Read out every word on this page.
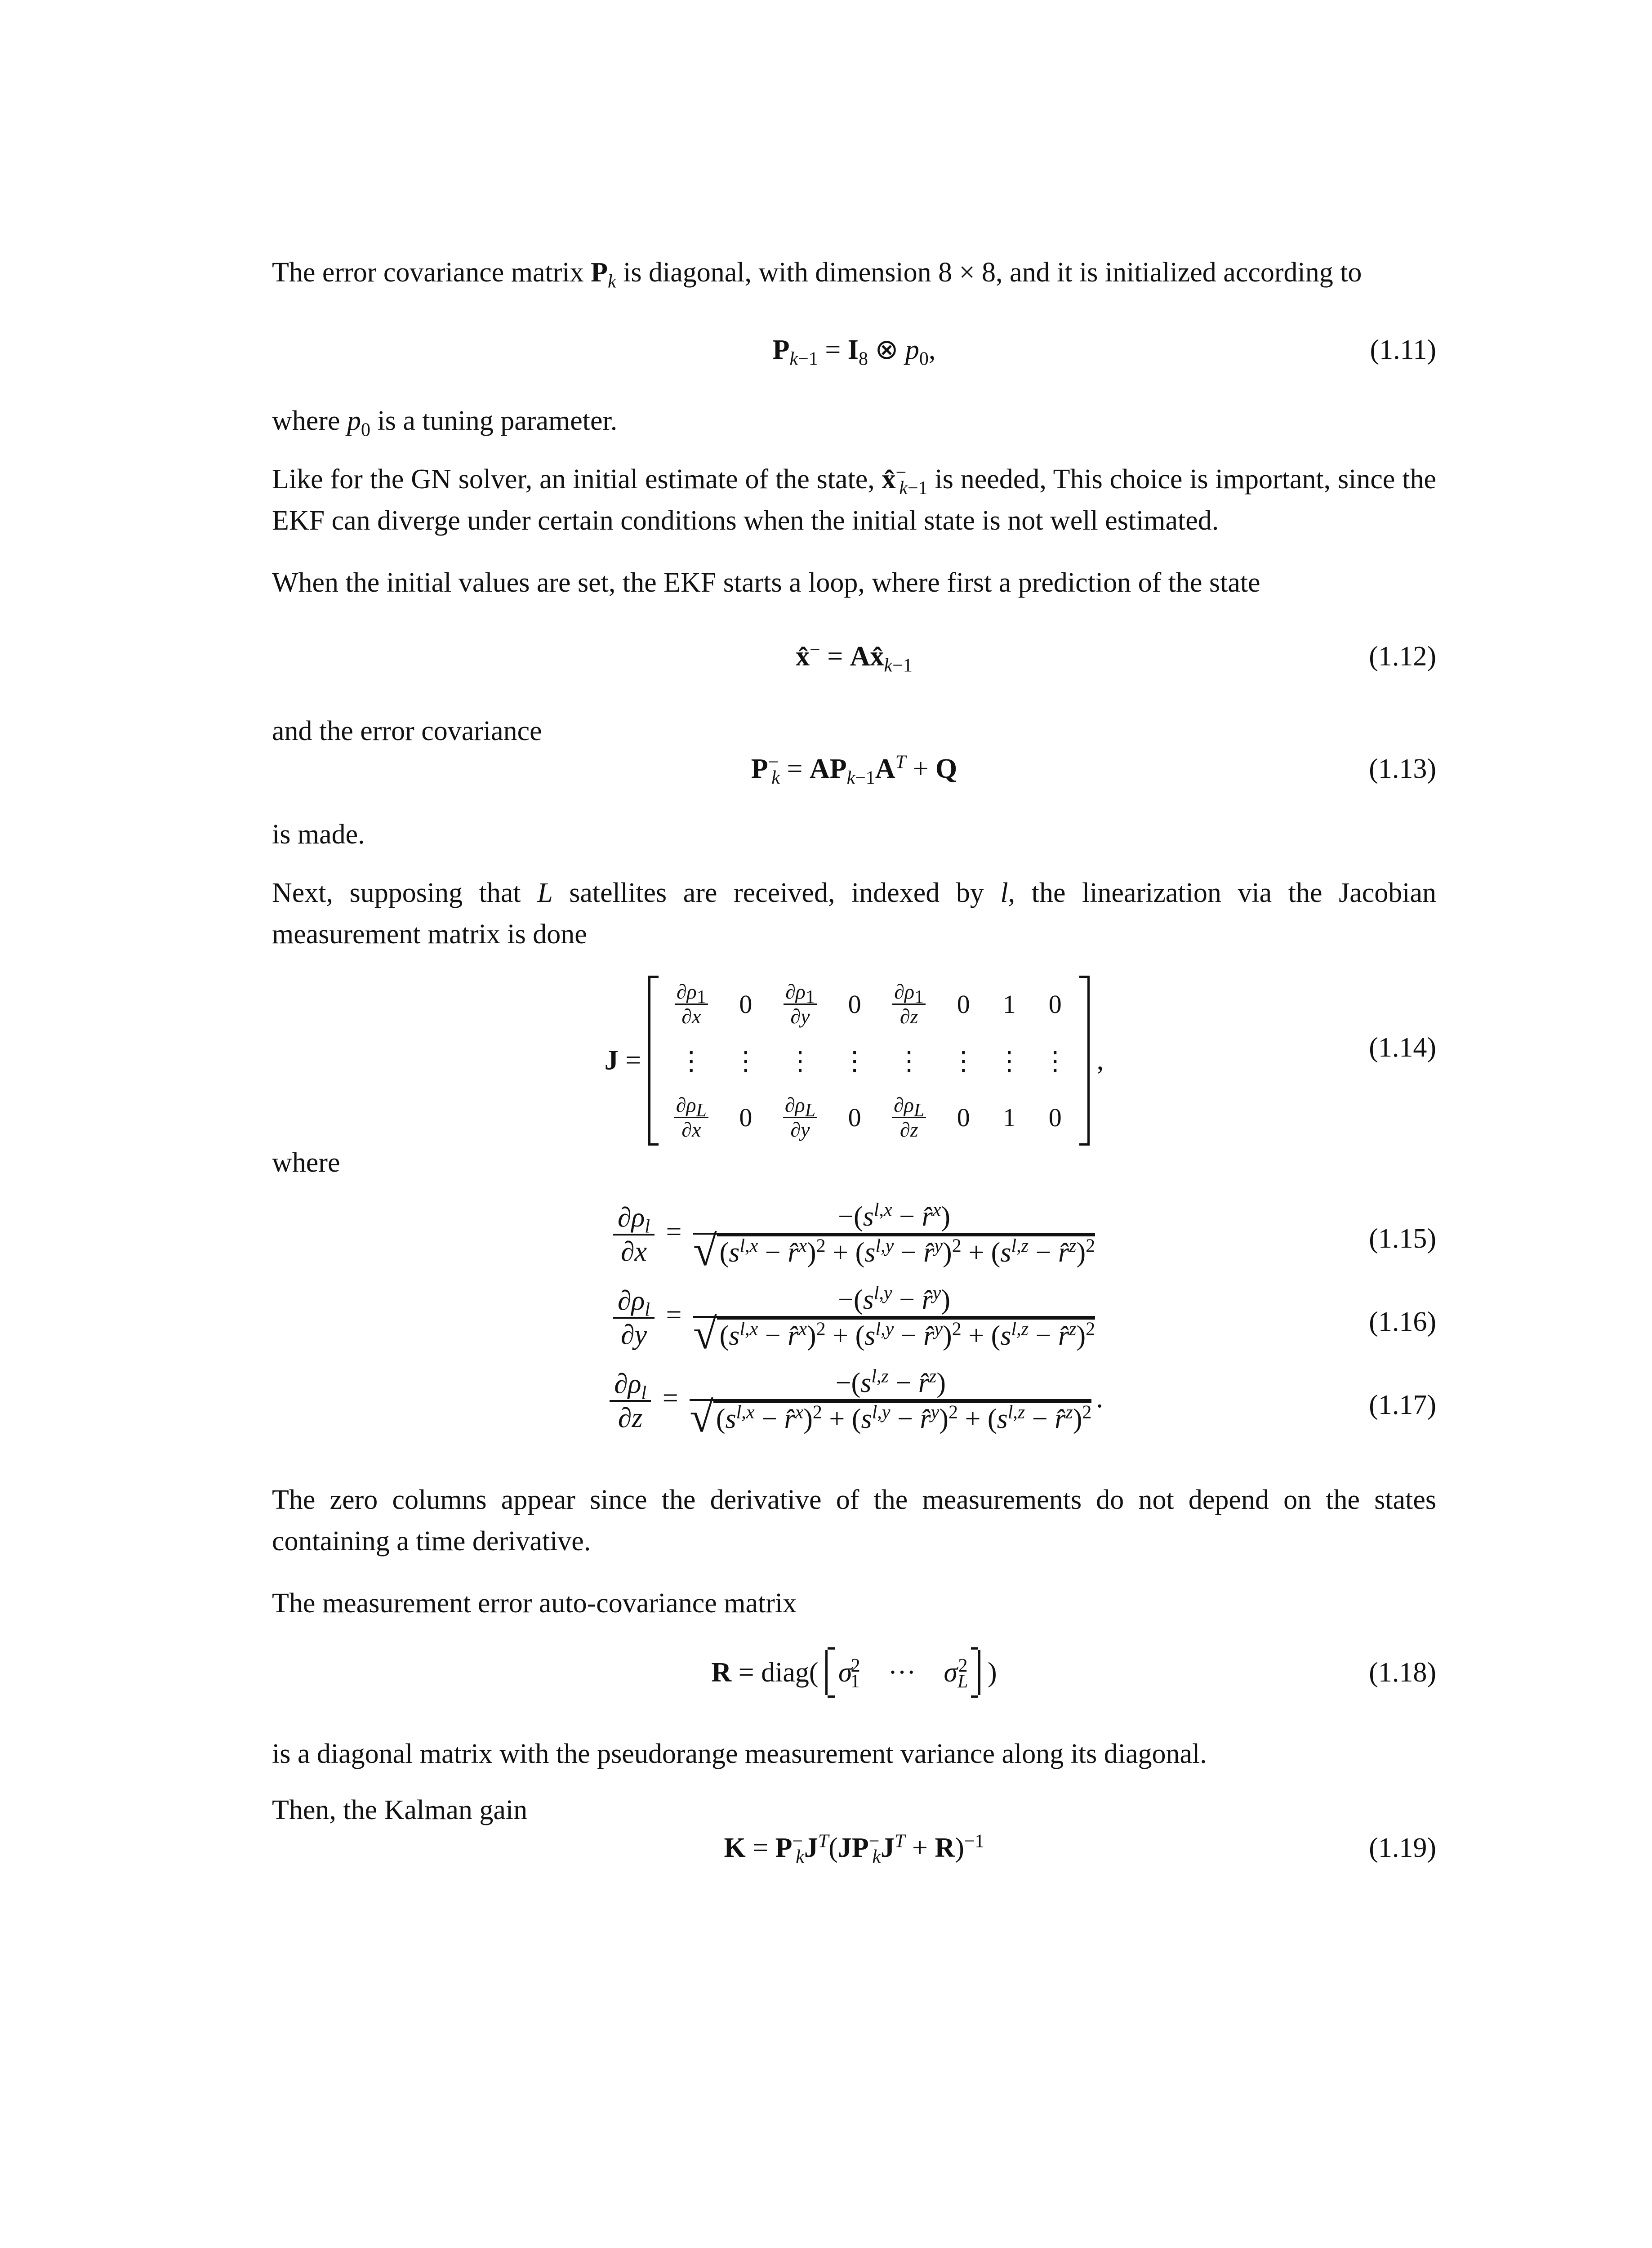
The error covariance matrix $P_k$ is diagonal, with dimension 8 × 8, and it is initialized according to

$P_{k-1} = I_8$ ⊗ $p_0$,	(1.11)

where $p_0$ is a tuning parameter.

Like for the GN solver, an initial estimate of the state, $x̂^-_{k-1}$ is needed, This choice is important, since the EKF can diverge under certain conditions when the initial state is not well estimated.

When the initial values are set, the EKF starts a loop, where first a prediction of the state

x̂− = $Ax̂_{k-1}$	(1.12)

and the error covariance

$P^-_k = AP_{k-1}A^T + Q$	(1.13)

is made.

Next, supposing that L satellites are received, indexed by l, the linearization via the Jacobian measurement matrix is done

J =
$\frac{\partial\rho_1}{\partial x}$	0	$\frac{\partial\rho_1}{\partial y}$	0	$\frac{\partial\rho_1}{\partial z}$	0	1	0
⋮	⋮	⋮	⋮	⋮	⋮	⋮	⋮

$\frac{\partial\rho_L}{\partial x}$	0	$\frac{\partial\rho_L}{\partial y}$	0	$\frac{\partial\rho_L}{\partial z}$	0	1	0
,	(1.14)

where

$\frac{\partial\rho_l}{\partial x} = \frac{-(s^{l,x} - r̂^x)}{√(s^{l,x} - r̂^x)^2 + (s^{l,y} - r̂^y)^2 + (s^{l,z} - r̂^z)^2}$	(1.15)
$\frac{\partial\rho_l}{\partial y} = \frac{-(s^{l,y} - r̂^y)}{√(s^{l,x} - r̂^x)^2 + (s^{l,y} - r̂^y)^2 + (s^{l,z} - r̂^z)^2}$	(1.16)
$\frac{\partial\rho_l}{\partial z} = \frac{-(s^{l,z} - r̂^z)}{√(s^{l,x} - r̂^x)^2 + (s^{l,y} - r̂^y)^2 + (s^{l,z} - r̂^z)^2}$ .	(1.17)

The zero columns appear since the derivative of the measurements do not depend on the states containing a time derivative.

The measurement error auto-covariance matrix

R = diag( $\sigma_1^2$    ···    $\sigma_L^2$ )	(1.18)

is a diagonal matrix with the pseudorange measurement variance along its diagonal.

Then, the Kalman gain

$K = P^-_kJ^T(JP^-_kJ^T + R)^{-1}$	(1.19)
